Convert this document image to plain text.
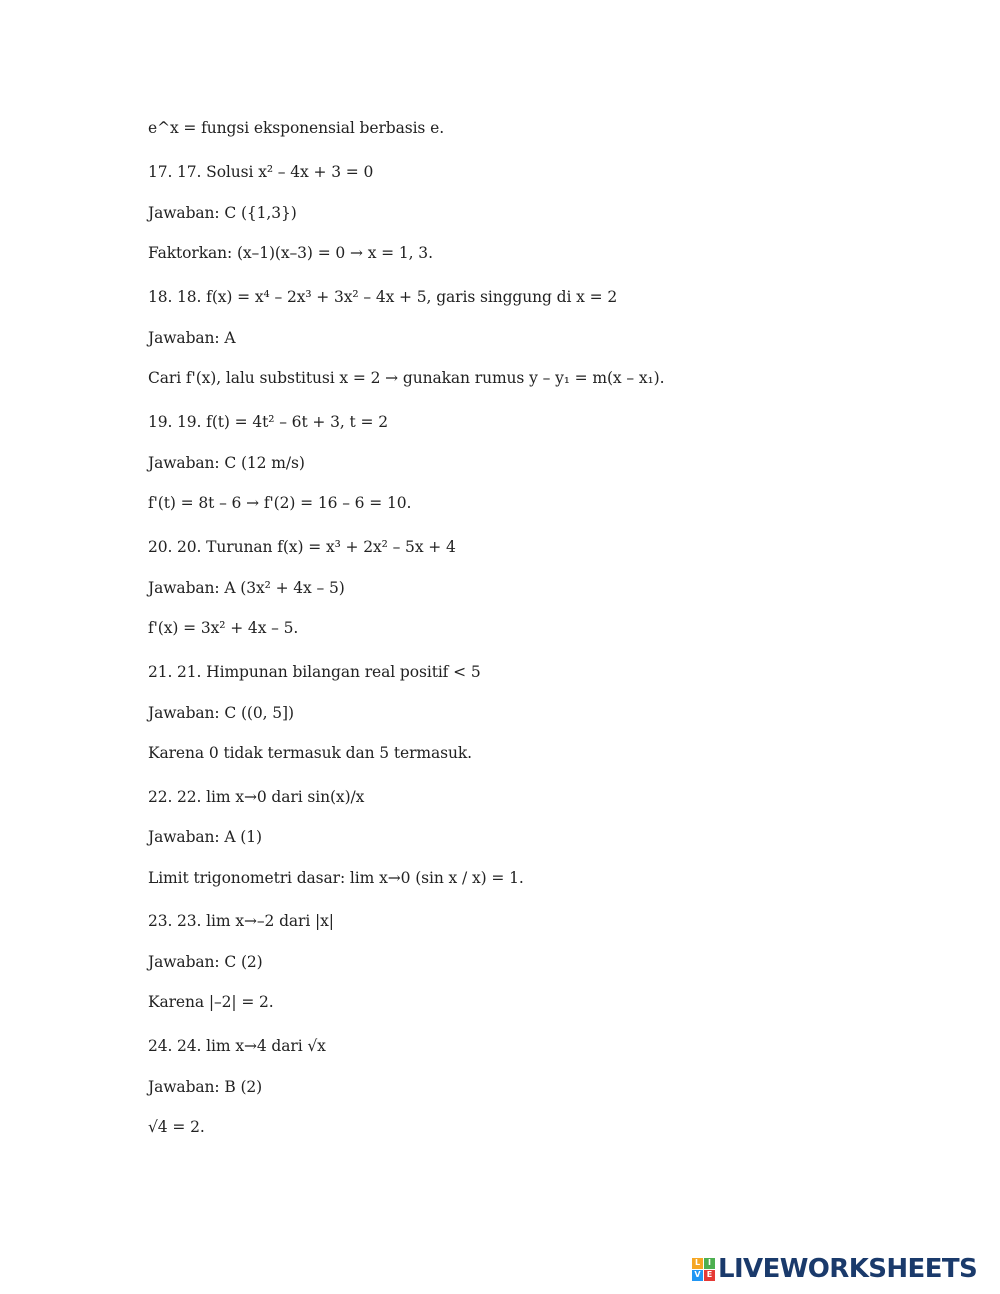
e^x = fungsi eksponensial berbasis e.
17. 17. Solusi x² – 4x + 3 = 0
Jawaban: C ({1,3})
Faktorkan: (x–1)(x–3) = 0 → x = 1, 3.
18. 18. f(x) = x⁴ – 2x³ + 3x² – 4x + 5, garis singgung di x = 2
Jawaban: A
Cari f'(x), lalu substitusi x = 2 → gunakan rumus y – y₁ = m(x – x₁).
19. 19. f(t) = 4t² – 6t + 3, t = 2
Jawaban: C (12 m/s)
f'(t) = 8t – 6 → f'(2) = 16 – 6 = 10.
20. 20. Turunan f(x) = x³ + 2x² – 5x + 4
Jawaban: A (3x² + 4x – 5)
f'(x) = 3x² + 4x – 5.
21. 21. Himpunan bilangan real positif < 5
Jawaban: C ((0, 5])
Karena 0 tidak termasuk dan 5 termasuk.
22. 22. lim x→0 dari sin(x)/x
Jawaban: A (1)
Limit trigonometri dasar: lim x→0 (sin x / x) = 1.
23. 23. lim x→–2 dari |x|
Jawaban: C (2)
Karena |–2| = 2.
24. 24. lim x→4 dari √x
Jawaban: B (2)
√4 = 2.
L I
V E LIVEWORKSHEETS
